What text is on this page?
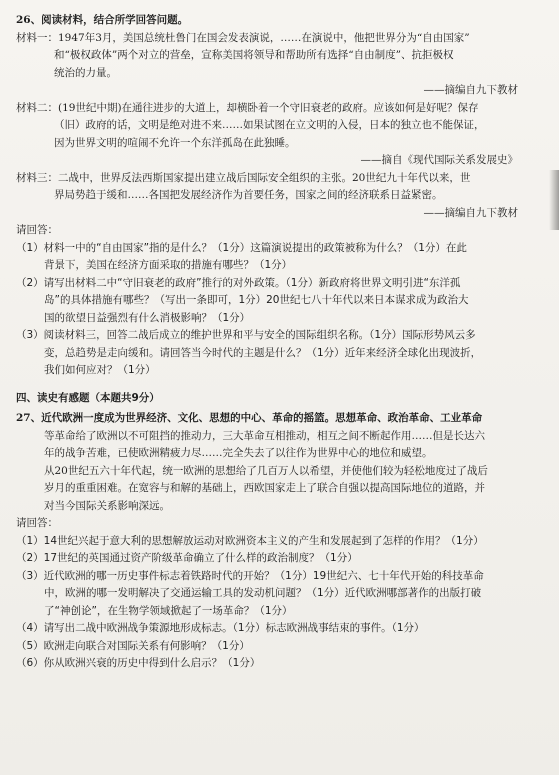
26、阅读材料，结合所学回答问题。
材料一：1947年3月，美国总统杜鲁门在国会发表演说，……在演说中，他把世界分为“自由国家”
和“极权政体”两个对立的营垒，宣称美国将领导和帮助所有选择“自由制度”、抗拒极权
统治的力量。
——摘编自九下教材
材料二：(19世纪中期)在通往进步的大道上，却横卧着一个守旧衰老的政府。应该如何是好呢？保存
（旧）政府的话，文明是绝对进不来……如果试图在立文明的入侵，日本的独立也不能保证，
因为世界文明的喧闹不允许一个东洋孤岛在此独睡。
——摘自《现代国际关系发展史》
材料三：二战中，世界反法西斯国家提出建立战后国际安全组织的主张。20世纪九十年代以来，世
界局势趋于缓和……各国把发展经济作为首要任务，国家之间的经济联系日益紧密。
——摘编自九下教材
请回答：
（1）材料一中的“自由国家”指的是什么？（1分）这篇演说提出的政策被称为什么？（1分）在此
背景下，美国在经济方面采取的措施有哪些？（1分）
（2）请写出材料二中“守旧衰老的政府”推行的对外政策。（1分）新政府将世界文明引进“东洋孤
岛”的具体措施有哪些？（写出一条即可，1分）20世纪七八十年代以来日本谋求成为政治大
国的欲望日益强烈有什么消极影响？（1分）
（3）阅读材料三，回答二战后成立的维护世界和平与安全的国际组织名称。（1分）国际形势风云多
变，总趋势是走向缓和。请回答当今时代的主题是什么？（1分）近年来经济全球化出现波折，
我们如何应对？（1分）
四、读史有感题（本题共9分）
27、近代欧洲一度成为世界经济、文化、思想的中心、革命的摇篮。思想革命、政治革命、工业革命
等革命给了欧洲以不可阻挡的推动力，三大革命互相推动，相互之间不断起作用……但是长达六
年的战争苦难，已使欧洲精疲力尽……完全失去了以往作为世界中心的地位和威望。
从20世纪五六十年代起，统一欧洲的思想给了几百万人以希望，并使他们较为轻松地度过了战后
岁月的重重困难。在宽容与和解的基础上，西欧国家走上了联合自强以提高国际地位的道路，并
对当今国际关系影响深远。
请回答：
（1）14世纪兴起于意大利的思想解放运动对欧洲资本主义的产生和发展起到了怎样的作用？（1分）
（2）17世纪的英国通过资产阶级革命确立了什么样的政治制度？（1分）
（3）近代欧洲的哪一历史事件标志着铁路时代的开始？（1分）19世纪六、七十年代开始的科技革命
中，欧洲的哪一发明解决了交通运输工具的发动机问题？（1分）近代欧洲哪部著作的出版打破
了“神创论”，在生物学领域掀起了一场革命？（1分）
（4）请写出二战中欧洲战争策源地形成标志。（1分）标志欧洲战事结束的事件。（1分）
（5）欧洲走向联合对国际关系有何影响？（1分）
（6）你从欧洲兴衰的历史中得到什么启示？（1分）
